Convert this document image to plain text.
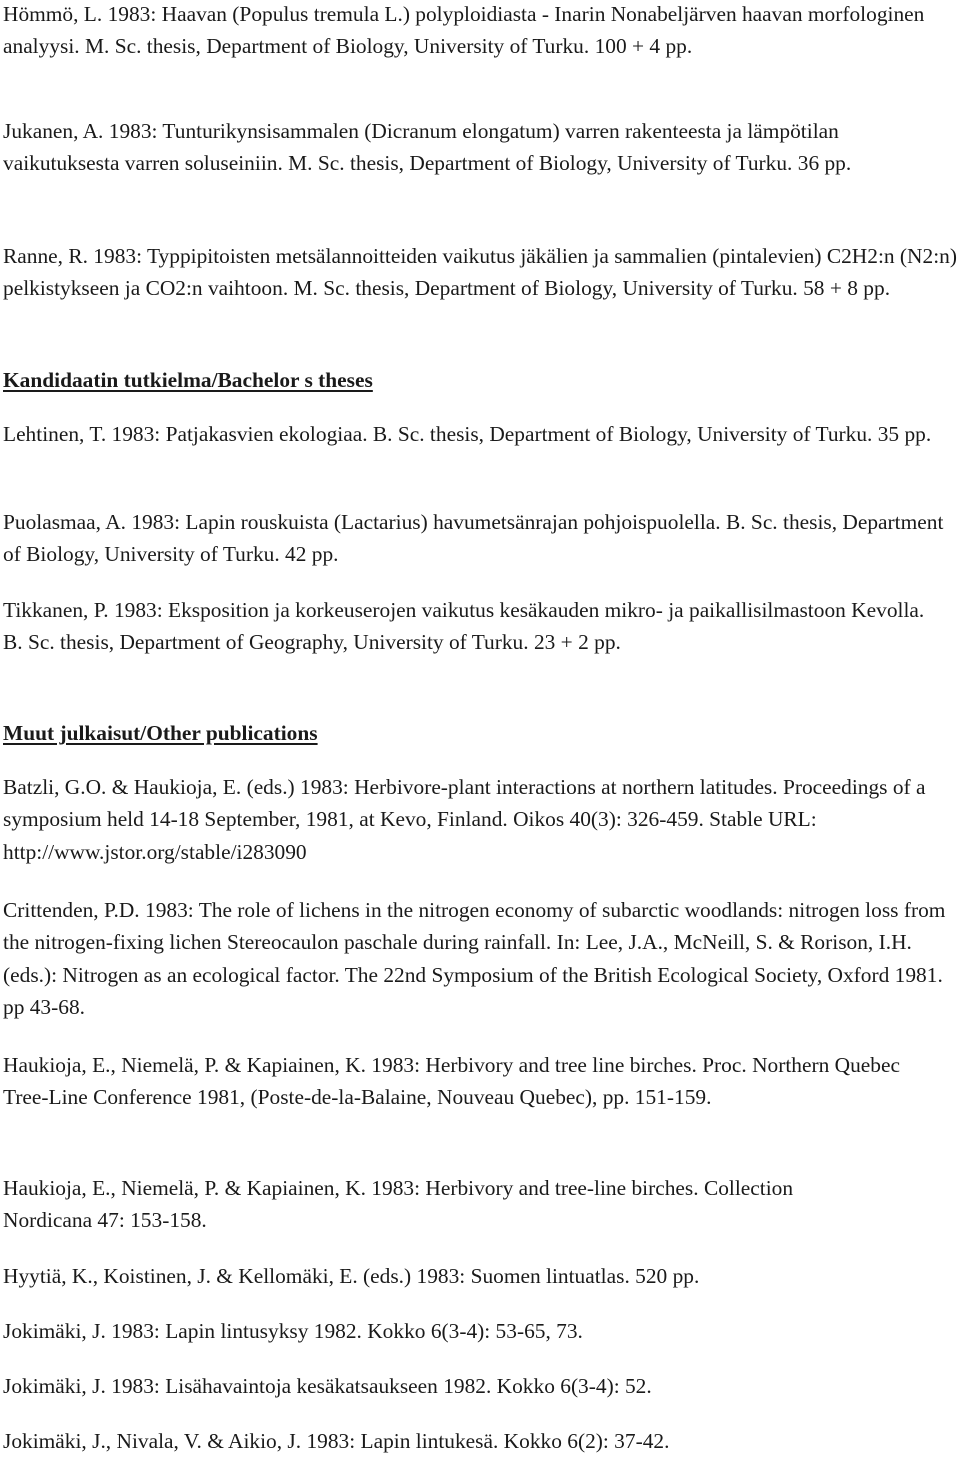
Hömmö, L. 1983: Haavan (Populus tremula L.) polyploidiasta - Inarin Nonabeljärven haavan morfologinen analyysi. M. Sc. thesis, Department of Biology, University of Turku. 100 + 4 pp.

Jukanen, A. 1983: Tunturikynsisammalen (Dicranum elongatum) varren rakenteesta ja lämpötilan vaikutuksesta varren soluseiniin. M. Sc. thesis, Department of Biology, University of Turku. 36 pp.

Ranne, R. 1983: Typpipitoisten metsälannoitteiden vaikutus jäkälien ja sammalien (pintalevien) C2H2:n (N2:n) pelkistykseen ja CO2:n vaihtoon. M. Sc. thesis, Department of Biology, University of Turku. 58 + 8 pp.

Kandidaatin tutkielma/Bachelor s theses

Lehtinen, T. 1983: Patjakasvien ekologiaa. B. Sc. thesis, Department of Biology, University of Turku. 35 pp.

Puolasmaa, A. 1983: Lapin rouskuista (Lactarius) havumetsänrajan pohjoispuolella. B. Sc. thesis, Department of Biology, University of Turku. 42 pp.

Tikkanen, P. 1983: Eksposition ja korkeuserojen vaikutus kesäkauden mikro- ja paikallisilmastoon Kevolla. B. Sc. thesis, Department of Geography, University of Turku. 23 + 2 pp.

Muut julkaisut/Other publications

Batzli, G.O. & Haukioja, E. (eds.) 1983: Herbivore-plant interactions at northern latitudes. Proceedings of a symposium held 14-18 September, 1981, at Kevo, Finland. Oikos 40(3): 326-459. Stable URL: http://www.jstor.org/stable/i283090

Crittenden, P.D. 1983: The role of lichens in the nitrogen economy of subarctic woodlands: nitrogen loss from the nitrogen-fixing lichen Stereocaulon paschale during rainfall. In: Lee, J.A., McNeill, S. & Rorison, I.H. (eds.): Nitrogen as an ecological factor. The 22nd Symposium of the British Ecological Society, Oxford 1981. pp 43-68.

Haukioja, E., Niemelä, P. & Kapiainen, K. 1983: Herbivory and tree line birches. Proc. Northern Quebec Tree-Line Conference 1981, (Poste-de-la-Balaine, Nouveau Quebec), pp. 151-159.

Haukioja, E., Niemelä, P. & Kapiainen, K. 1983: Herbivory and tree-line birches. Collection Nordicana 47: 153-158.

Hyytiä, K., Koistinen, J. & Kellomäki, E. (eds.) 1983: Suomen lintuatlas. 520 pp.

Jokimäki, J. 1983: Lapin lintusyksy 1982. Kokko 6(3-4): 53-65, 73.

Jokimäki, J. 1983: Lisähavaintoja kesäkatsaukseen 1982. Kokko 6(3-4): 52.

Jokimäki, J., Nivala, V. & Aikio, J. 1983: Lapin lintukesä. Kokko 6(2): 37-42.
